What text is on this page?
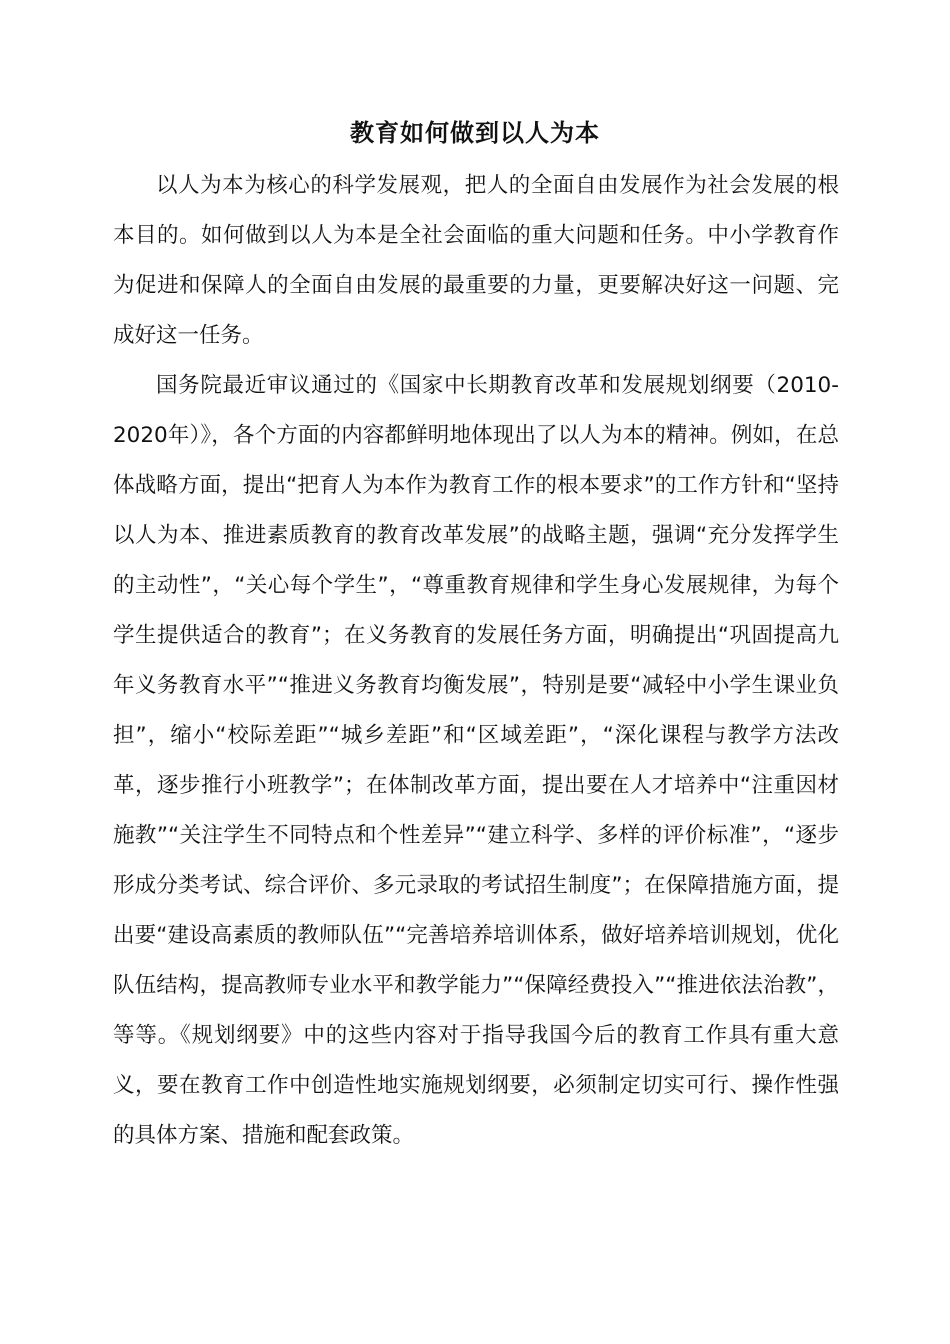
教育如何做到以人为本

以人为本为核心的科学发展观，把人的全面自由发展作为社会发展的根本目的。如何做到以人为本是全社会面临的重大问题和任务。中小学教育作为促进和保障人的全面自由发展的最重要的力量，更要解决好这一问题、完成好这一任务。

国务院最近审议通过的《国家中长期教育改革和发展规划纲要（2010-2020年）》，各个方面的内容都鲜明地体现出了以人为本的精神。例如，在总体战略方面，提出“把育人为本作为教育工作的根本要求”的工作方针和“坚持以人为本、推进素质教育的教育改革发展”的战略主题，强调“充分发挥学生的主动性”，“关心每个学生”，“尊重教育规律和学生身心发展规律，为每个学生提供适合的教育”；在义务教育的发展任务方面，明确提出“巩固提高九年义务教育水平”“推进义务教育均衡发展”，特别是要“减轻中小学生课业负担”，缩小“校际差距”“城乡差距”和“区域差距”，“深化课程与教学方法改革，逐步推行小班教学”；在体制改革方面，提出要在人才培养中“注重因材施教”“关注学生不同特点和个性差异”“建立科学、多样的评价标准”，“逐步形成分类考试、综合评价、多元录取的考试招生制度”；在保障措施方面，提出要“建设高素质的教师队伍”“完善培养培训体系，做好培养培训规划，优化队伍结构，提高教师专业水平和教学能力”“保障经费投入”“推进依法治教”，等等。《规划纲要》中的这些内容对于指导我国今后的教育工作具有重大意义，要在教育工作中创造性地实施规划纲要，必须制定切实可行、操作性强的具体方案、措施和配套政策。
